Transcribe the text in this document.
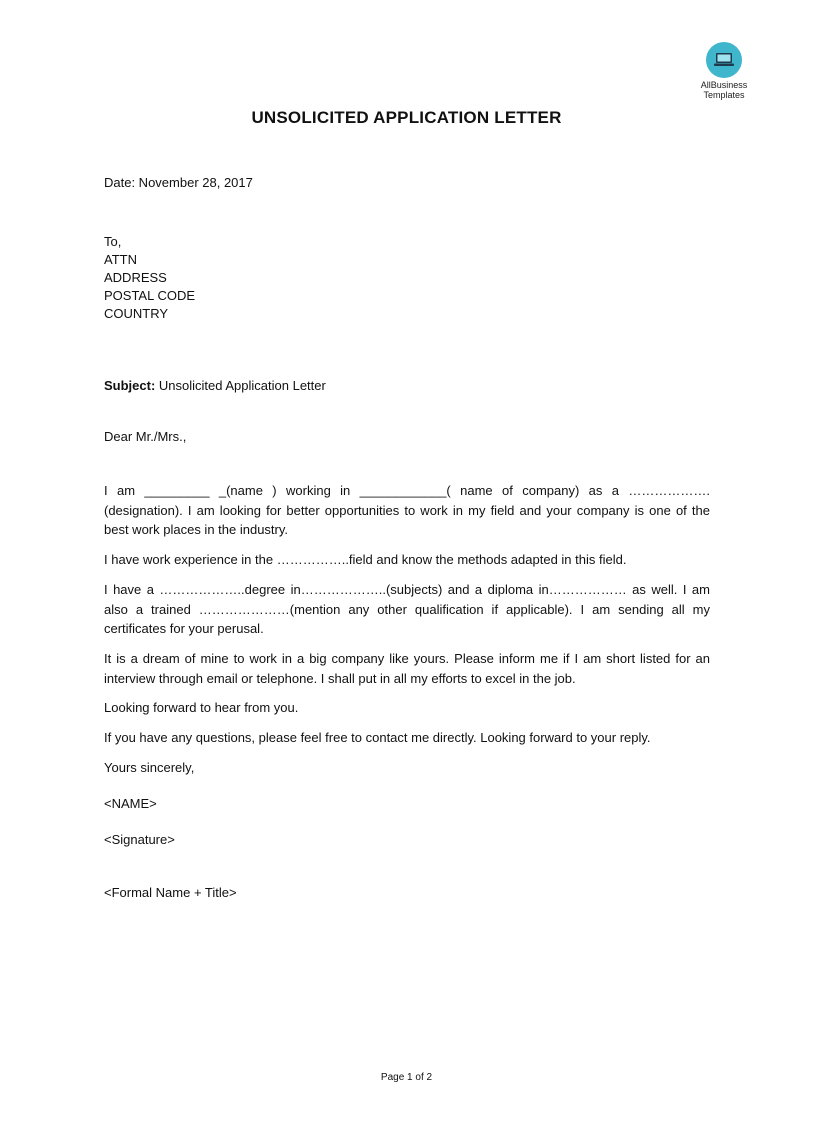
AllBusiness
Templates
UNSOLICITED APPLICATION LETTER
Date: November 28, 2017
To,
ATTN
ADDRESS
POSTAL CODE
COUNTRY
Subject: Unsolicited Application Letter
Dear Mr./Mrs.,
I am _________ _(name ) working in ____________( name of company) as a ……………….(designation). I am looking for better opportunities to work in my field and your company is one of the best work places in the industry.
I have work experience in the ……………..field and know the methods adapted in this field.
I have a ………………..degree in………………..(subjects) and a diploma in……………… as well. I am also a trained …………………(mention any other qualification if applicable). I am sending all my certificates for your perusal.
It is a dream of mine to work in a big company like yours. Please inform me if I am short listed for an interview through email or telephone. I shall put in all my efforts to excel in the job.
Looking forward to hear from you.
If you have any questions, please feel free to contact me directly. Looking forward to your reply.
Yours sincerely,
<NAME>
<Signature>
<Formal Name + Title>
Page 1 of 2
